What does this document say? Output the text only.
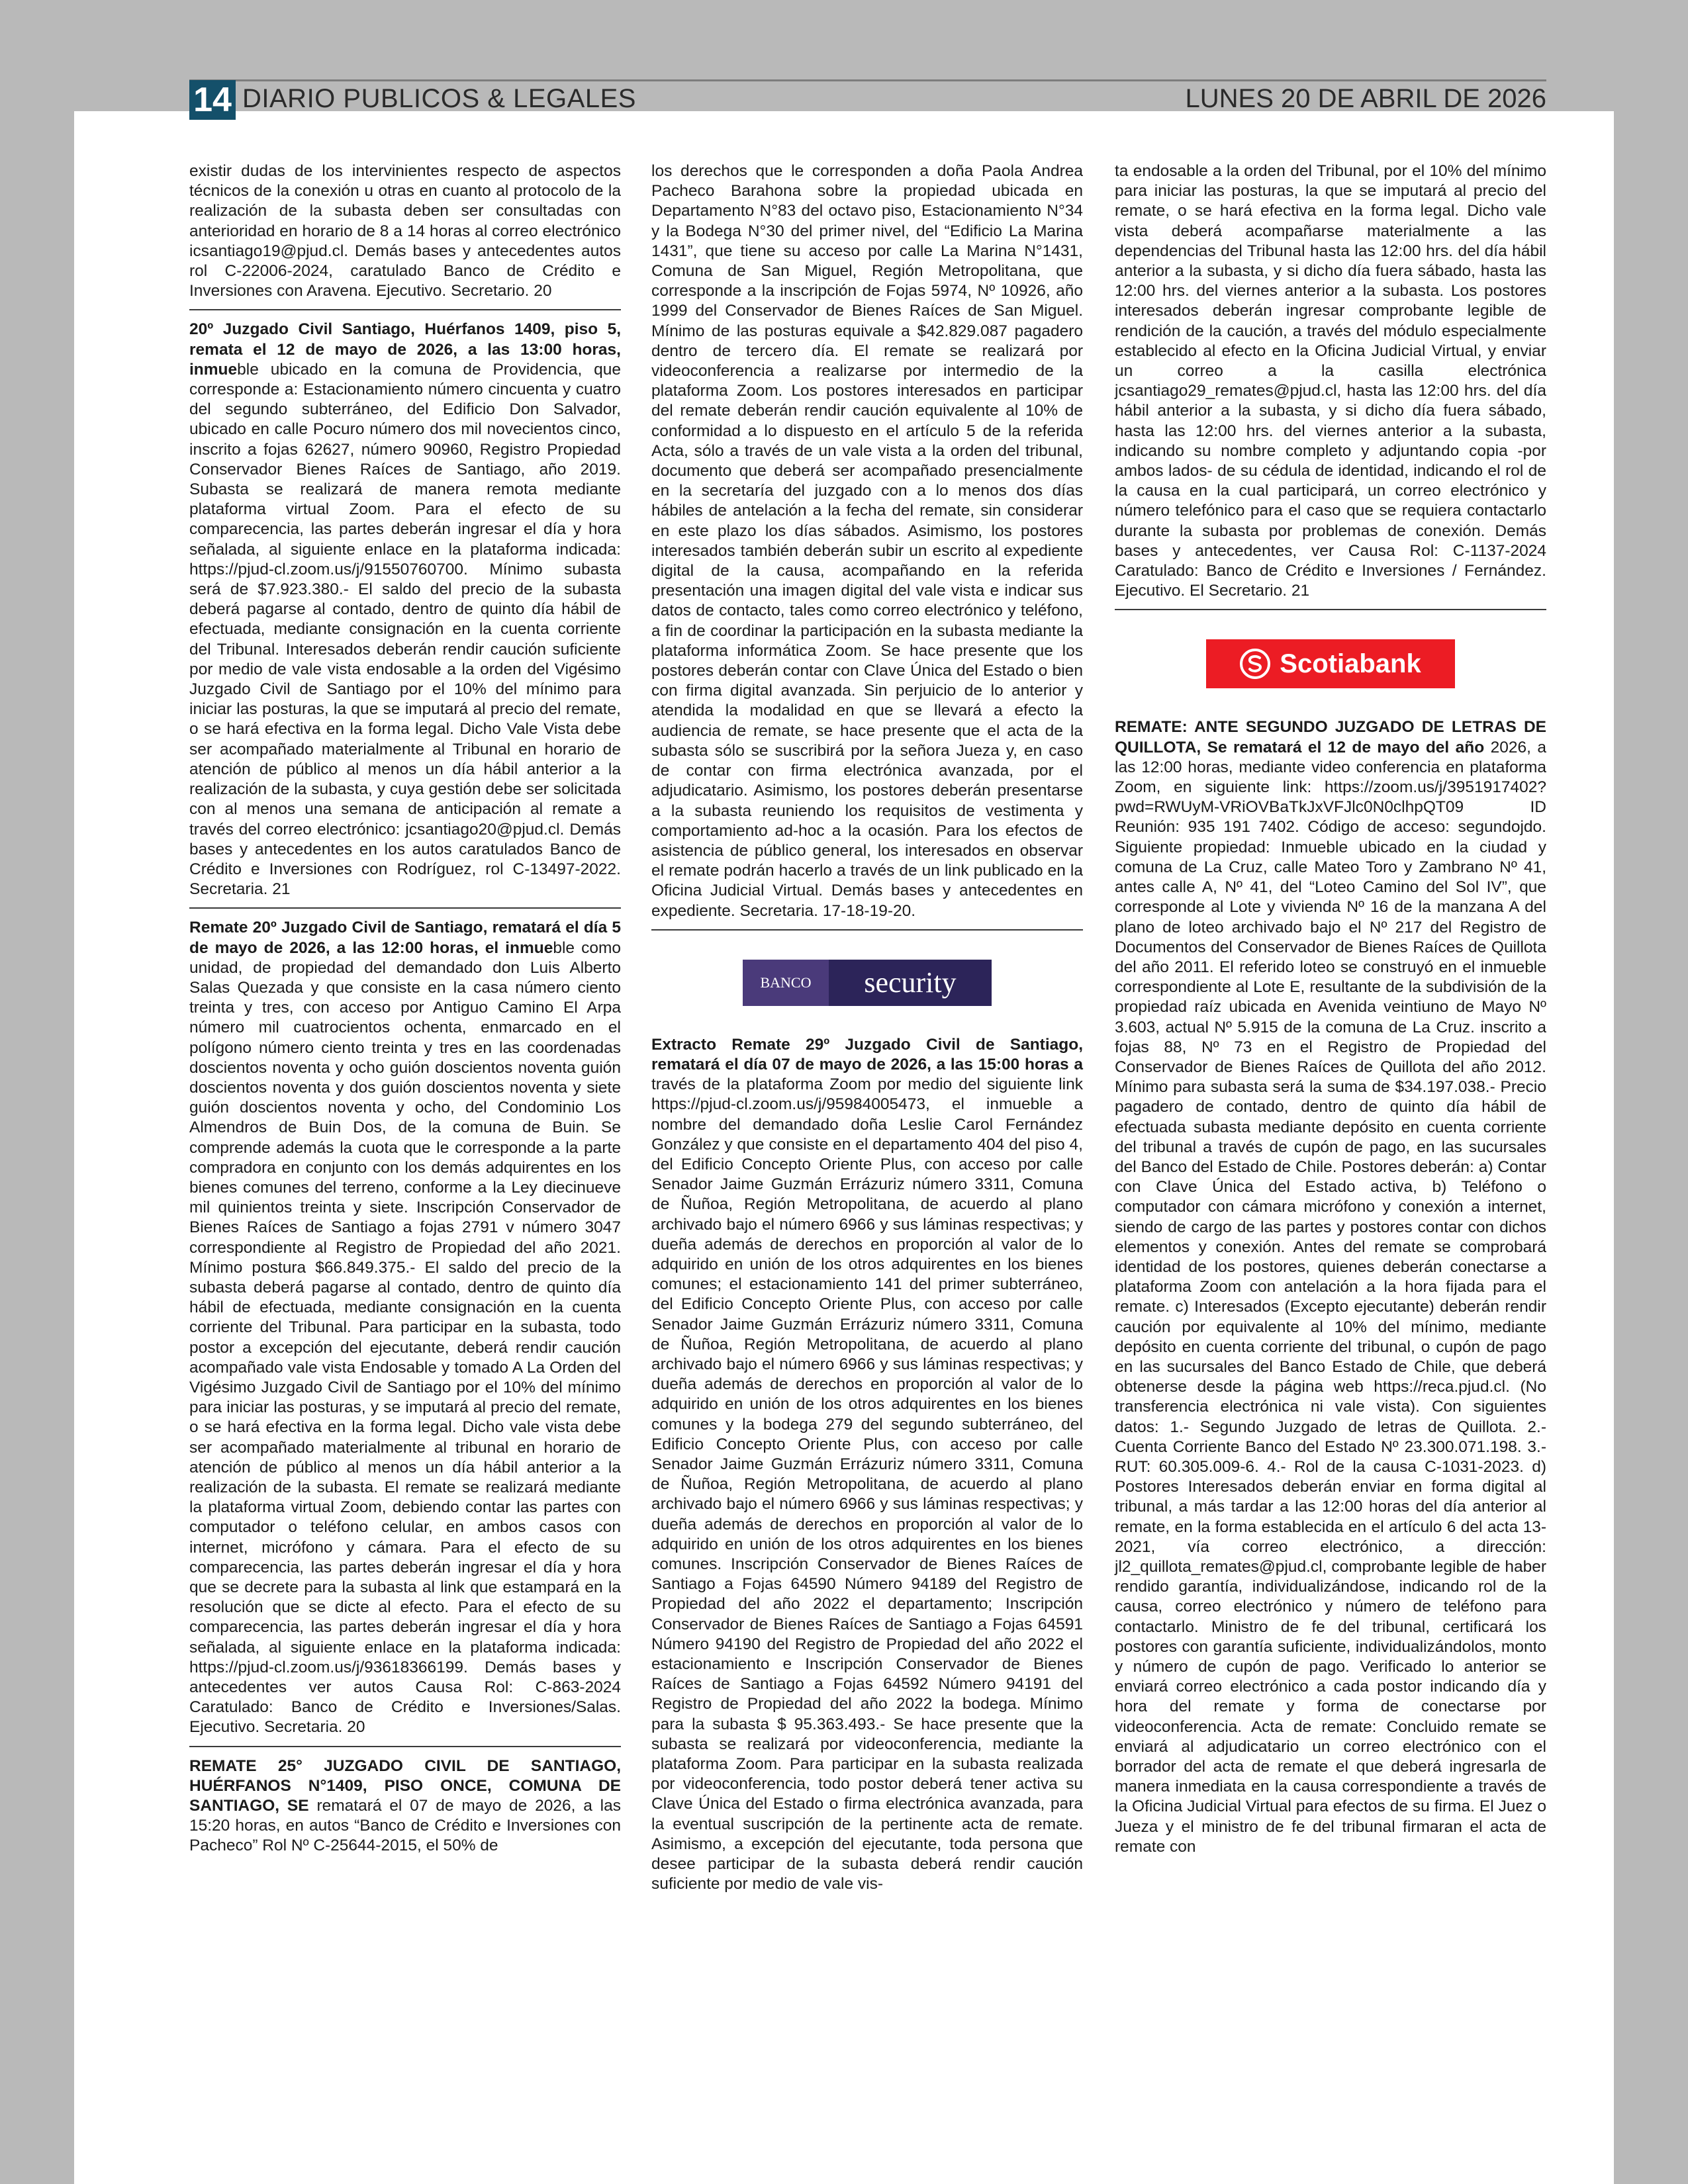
14 DIARIO PUBLICOS & LEGALES	LUNES 20 DE ABRIL DE 2026

existir dudas de los intervinientes respecto de aspectos técnicos de la conexión u otras en cuanto al protocolo de la realización de la subasta deben ser consultadas con anterioridad en horario de 8 a 14 horas al correo electrónico icsantiago19@pjud.cl. Demás bases y antecedentes autos rol C-22006-2024, caratulado Banco de Crédito e Inversiones con Aravena. Ejecutivo. Secretario. 20

20º Juzgado Civil Santiago, Huérfanos 1409, piso 5, remata el 12 de mayo de 2026, a las 13:00 horas, inmueble ubicado en la comuna de Providencia, que corresponde a: Estacionamiento número cincuenta y cuatro del segundo subterráneo, del Edificio Don Salvador, ubicado en calle Pocuro número dos mil novecientos cinco, inscrito a fojas 62627, número 90960, Registro Propiedad Conservador Bienes Raíces de Santiago, año 2019. Subasta se realizará de manera remota mediante plataforma virtual Zoom. Para el efecto de su comparecencia, las partes deberán ingresar el día y hora señalada, al siguiente enlace en la plataforma indicada: https://pjud-cl.zoom.us/j/91550760700. Mínimo subasta será de $7.923.380.- El saldo del precio de la subasta deberá pagarse al contado, dentro de quinto día hábil de efectuada, mediante consignación en la cuenta corriente del Tribunal. Interesados deberán rendir caución suficiente por medio de vale vista endosable a la orden del Vigésimo Juzgado Civil de Santiago por el 10% del mínimo para iniciar las posturas, la que se imputará al precio del remate, o se hará efectiva en la forma legal. Dicho Vale Vista debe ser acompañado materialmente al Tribunal en horario de atención de público al menos un día hábil anterior a la realización de la subasta, y cuya gestión debe ser solicitada con al menos una semana de anticipación al remate a través del correo electrónico: jcsantiago20@pjud.cl. Demás bases y antecedentes en los autos caratulados Banco de Crédito e Inversiones con Rodríguez, rol C-13497-2022. Secretaria. 21

Remate 20º Juzgado Civil de Santiago, rematará el día 5 de mayo de 2026, a las 12:00 horas, el inmueble como unidad, de propiedad del demandado don Luis Alberto Salas Quezada y que consiste en la casa número ciento treinta y tres, con acceso por Antiguo Camino El Arpa número mil cuatrocientos ochenta, enmarcado en el polígono número ciento treinta y tres en las coordenadas doscientos noventa y ocho guión doscientos noventa guión doscientos noventa y dos guión doscientos noventa y siete guión doscientos noventa y ocho, del Condominio Los Almendros de Buin Dos, de la comuna de Buin. Se comprende además la cuota que le corresponde a la parte compradora en conjunto con los demás adquirentes en los bienes comunes del terreno, conforme a la Ley diecinueve mil quinientos treinta y siete. Inscripción Conservador de Bienes Raíces de Santiago a fojas 2791 v número 3047 correspondiente al Registro de Propiedad del año 2021. Mínimo postura $66.849.375.- El saldo del precio de la subasta deberá pagarse al contado, dentro de quinto día hábil de efectuada, mediante consignación en la cuenta corriente del Tribunal. Para participar en la subasta, todo postor a excepción del ejecutante, deberá rendir caución acompañado vale vista Endosable y tomado A La Orden del Vigésimo Juzgado Civil de Santiago por el 10% del mínimo para iniciar las posturas, y se imputará al precio del remate, o se hará efectiva en la forma legal. Dicho vale vista debe ser acompañado materialmente al tribunal en horario de atención de público al menos un día hábil anterior a la realización de la subasta. El remate se realizará mediante la plataforma virtual Zoom, debiendo contar las partes con computador o teléfono celular, en ambos casos con internet, micrófono y cámara. Para el efecto de su comparecencia, las partes deberán ingresar el día y hora que se decrete para la subasta al link que estampará en la resolución que se dicte al efecto. Para el efecto de su comparecencia, las partes deberán ingresar el día y hora señalada, al siguiente enlace en la plataforma indicada: https://pjud-cl.zoom.us/j/93618366199. Demás bases y antecedentes ver autos Causa Rol: C-863-2024 Caratulado: Banco de Crédito e Inversiones/Salas. Ejecutivo. Secretaria. 20

REMATE 25° JUZGADO CIVIL DE SANTIAGO, HUÉRFANOS N°1409, PISO ONCE, COMUNA DE SANTIAGO, SE rematará el 07 de mayo de 2026, a las 15:20 horas, en autos “Banco de Crédito e Inversiones con Pacheco” Rol Nº C-25644-2015, el 50% de

los derechos que le corresponden a doña Paola Andrea Pacheco Barahona sobre la propiedad ubicada en Departamento N°83 del octavo piso, Estacionamiento N°34 y la Bodega N°30 del primer nivel, del “Edificio La Marina 1431”, que tiene su acceso por calle La Marina N°1431, Comuna de San Miguel, Región Metropolitana, que corresponde a la inscripción de Fojas 5974, Nº 10926, año 1999 del Conservador de Bienes Raíces de San Miguel. Mínimo de las posturas equivale a $42.829.087 pagadero dentro de tercero día. El remate se realizará por videoconferencia a realizarse por intermedio de la plataforma Zoom. Los postores interesados en participar del remate deberán rendir caución equivalente al 10% de conformidad a lo dispuesto en el artículo 5 de la referida Acta, sólo a través de un vale vista a la orden del tribunal, documento que deberá ser acompañado presencialmente en la secretaría del juzgado con a lo menos dos días hábiles de antelación a la fecha del remate, sin considerar en este plazo los días sábados. Asimismo, los postores interesados también deberán subir un escrito al expediente digital de la causa, acompañando en la referida presentación una imagen digital del vale vista e indicar sus datos de contacto, tales como correo electrónico y teléfono, a fin de coordinar la participación en la subasta mediante la plataforma informática Zoom. Se hace presente que los postores deberán contar con Clave Única del Estado o bien con firma digital avanzada. Sin perjuicio de lo anterior y atendida la modalidad en que se llevará a efecto la audiencia de remate, se hace presente que el acta de la subasta sólo se suscribirá por la señora Jueza y, en caso de contar con firma electrónica avanzada, por el adjudicatario. Asimismo, los postores deberán presentarse a la subasta reuniendo los requisitos de vestimenta y comportamiento ad-hoc a la ocasión. Para los efectos de asistencia de público general, los interesados en observar el remate podrán hacerlo a través de un link publicado en la Oficina Judicial Virtual. Demás bases y antecedentes en expediente. Secretaria. 17-18-19-20.

BANCO	security

Extracto Remate 29º Juzgado Civil de Santiago, rematará el día 07 de mayo de 2026, a las 15:00 horas a través de la plataforma Zoom por medio del siguiente link https://pjud-cl.zoom.us/j/95984005473, el inmueble a nombre del demandado doña Leslie Carol Fernández González y que consiste en el departamento 404 del piso 4, del Edificio Concepto Oriente Plus, con acceso por calle Senador Jaime Guzmán Errázuriz número 3311, Comuna de Ñuñoa, Región Metropolitana, de acuerdo al plano archivado bajo el número 6966 y sus láminas respectivas; y dueña además de derechos en proporción al valor de lo adquirido en unión de los otros adquirentes en los bienes comunes; el estacionamiento 141 del primer subterráneo, del Edificio Concepto Oriente Plus, con acceso por calle Senador Jaime Guzmán Errázuriz número 3311, Comuna de Ñuñoa, Región Metropolitana, de acuerdo al plano archivado bajo el número 6966 y sus láminas respectivas; y dueña además de derechos en proporción al valor de lo adquirido en unión de los otros adquirentes en los bienes comunes y la bodega 279 del segundo subterráneo, del Edificio Concepto Oriente Plus, con acceso por calle Senador Jaime Guzmán Errázuriz número 3311, Comuna de Ñuñoa, Región Metropolitana, de acuerdo al plano archivado bajo el número 6966 y sus láminas respectivas; y dueña además de derechos en proporción al valor de lo adquirido en unión de los otros adquirentes en los bienes comunes. Inscripción Conservador de Bienes Raíces de Santiago a Fojas 64590 Número 94189 del Registro de Propiedad del año 2022 el departamento; Inscripción Conservador de Bienes Raíces de Santiago a Fojas 64591 Número 94190 del Registro de Propiedad del año 2022 el estacionamiento e Inscripción Conservador de Bienes Raíces de Santiago a Fojas 64592 Número 94191 del Registro de Propiedad del año 2022 la bodega. Mínimo para la subasta $ 95.363.493.- Se hace presente que la subasta se realizará por videoconferencia, mediante la plataforma Zoom. Para participar en la subasta realizada por videoconferencia, todo postor deberá tener activa su Clave Única del Estado o firma electrónica avanzada, para la eventual suscripción de la pertinente acta de remate. Asimismo, a excepción del ejecutante, toda persona que desee participar de la subasta deberá rendir caución suficiente por medio de vale vis-

ta endosable a la orden del Tribunal, por el 10% del mínimo para iniciar las posturas, la que se imputará al precio del remate, o se hará efectiva en la forma legal. Dicho vale vista deberá acompañarse materialmente a las dependencias del Tribunal hasta las 12:00 hrs. del día hábil anterior a la subasta, y si dicho día fuera sábado, hasta las 12:00 hrs. del viernes anterior a la subasta. Los postores interesados deberán ingresar comprobante legible de rendición de la caución, a través del módulo especialmente establecido al efecto en la Oficina Judicial Virtual, y enviar un correo a la casilla electrónica jcsantiago29_remates@pjud.cl, hasta las 12:00 hrs. del día hábil anterior a la subasta, y si dicho día fuera sábado, hasta las 12:00 hrs. del viernes anterior a la subasta, indicando su nombre completo y adjuntando copia -por ambos lados- de su cédula de identidad, indicando el rol de la causa en la cual participará, un correo electrónico y número telefónico para el caso que se requiera contactarlo durante la subasta por problemas de conexión. Demás bases y antecedentes, ver Causa Rol: C-1137-2024 Caratulado: Banco de Crédito e Inversiones / Fernández. Ejecutivo. El Secretario. 21

Scotiabank

REMATE: ANTE SEGUNDO JUZGADO DE LETRAS DE QUILLOTA, Se rematará el 12 de mayo del año 2026, a las 12:00 horas, mediante video conferencia en plataforma Zoom, en siguiente link: https://zoom.us/j/3951917402?pwd=RWUyM-VRiOVBaTkJxVFJlc0N0clhpQT09 ID Reunión: 935 191 7402. Código de acceso: segundojdo. Siguiente propiedad: Inmueble ubicado en la ciudad y comuna de La Cruz, calle Mateo Toro y Zambrano Nº 41, antes calle A, Nº 41, del “Loteo Camino del Sol IV”, que corresponde al Lote y vivienda Nº 16 de la manzana A del plano de loteo archivado bajo el Nº 217 del Registro de Documentos del Conservador de Bienes Raíces de Quillota del año 2011. El referido loteo se construyó en el inmueble correspondiente al Lote E, resultante de la subdivisión de la propiedad raíz ubicada en Avenida veintiuno de Mayo Nº 3.603, actual Nº 5.915 de la comuna de La Cruz. inscrito a fojas 88, Nº 73 en el Registro de Propiedad del Conservador de Bienes Raíces de Quillota del año 2012. Mínimo para subasta será la suma de $34.197.038.- Precio pagadero de contado, dentro de quinto día hábil de efectuada subasta mediante depósito en cuenta corriente del tribunal a través de cupón de pago, en las sucursales del Banco del Estado de Chile. Postores deberán: a) Contar con Clave Única del Estado activa, b) Teléfono o computador con cámara micrófono y conexión a internet, siendo de cargo de las partes y postores contar con dichos elementos y conexión. Antes del remate se comprobará identidad de los postores, quienes deberán conectarse a plataforma Zoom con antelación a la hora fijada para el remate. c) Interesados (Excepto ejecutante) deberán rendir caución por equivalente al 10% del mínimo, mediante depósito en cuenta corriente del tribunal, o cupón de pago en las sucursales del Banco Estado de Chile, que deberá obtenerse desde la página web https://reca.pjud.cl. (No transferencia electrónica ni vale vista). Con siguientes datos: 1.- Segundo Juzgado de letras de Quillota. 2.- Cuenta Corriente Banco del Estado Nº 23.300.071.198. 3.- RUT: 60.305.009-6. 4.- Rol de la causa C-1031-2023. d) Postores Interesados deberán enviar en forma digital al tribunal, a más tardar a las 12:00 horas del día anterior al remate, en la forma establecida en el artículo 6 del acta 13- 2021, vía correo electrónico, a dirección: jl2_quillota_remates@pjud.cl, comprobante legible de haber rendido garantía, individualizándose, indicando rol de la causa, correo electrónico y número de teléfono para contactarlo. Ministro de fe del tribunal, certificará los postores con garantía suficiente, individualizándolos, monto y número de cupón de pago. Verificado lo anterior se enviará correo electrónico a cada postor indicando día y hora del remate y forma de conectarse por videoconferencia. Acta de remate: Concluido remate se enviará al adjudicatario un correo electrónico con el borrador del acta de remate el que deberá ingresarla de manera inmediata en la causa correspondiente a través de la Oficina Judicial Virtual para efectos de su firma. El Juez o Jueza y el ministro de fe del tribunal firmaran el acta de remate con
